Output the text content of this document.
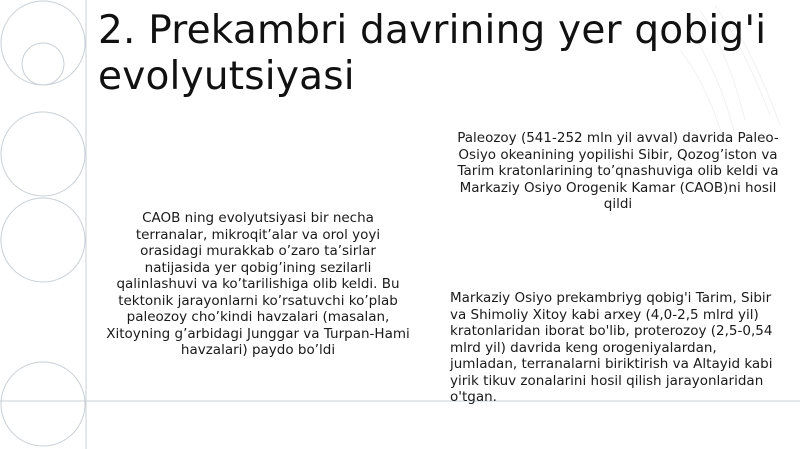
2. Prekambri davrining yer qobig'i evolyutsiyasi

CAOB ning evolyutsiyasi bir necha terranalar, mikroqit’alar va orol yoyi orasidagi murakkab o’zaro ta’sirlar natijasida yer qobig’ining sezilarli qalinlashuvi va ko’tarilishiga olib keldi. Bu tektonik jarayonlarni ko’rsatuvchi ko’plab paleozoy cho’kindi havzalari (masalan, Xitoyning g’arbidagi Junggar va Turpan-Hami havzalari) paydo bo’ldi

Paleozoy (541-252 mln yil avval) davrida Paleo-Osiyo okeanining yopilishi Sibir, Qozog’iston va Tarim kratonlarining to’qnashuviga olib keldi va Markaziy Osiyo Orogenik Kamar (CAOB)ni hosil qildi

Markaziy Osiyo prekambriyg qobig'i Tarim, Sibir va Shimoliy Xitoy kabi arxey (4,0-2,5 mlrd yil) kratonlaridan iborat bo'lib, proterozoy (2,5-0,54 mlrd yil) davrida keng orogeniyalardan, jumladan, terranalarni biriktirish va Altayid kabi yirik tikuv zonalarini hosil qilish jarayonlaridan o'tgan.
